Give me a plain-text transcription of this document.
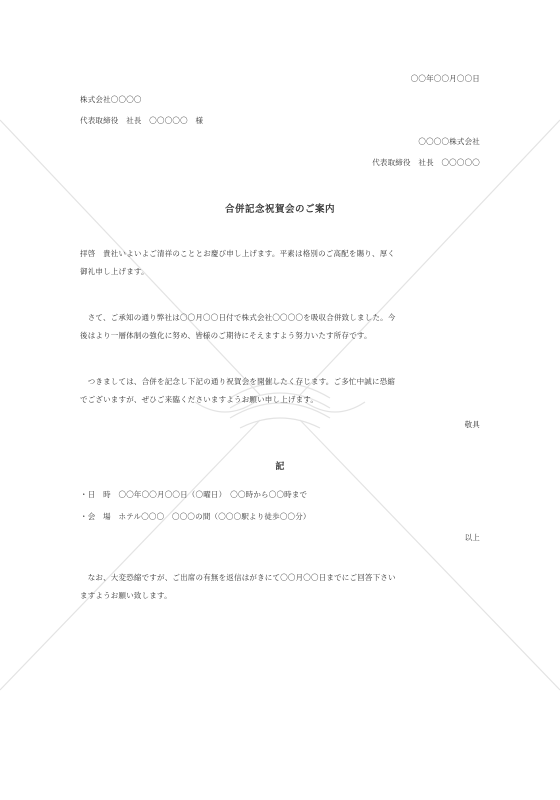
〇〇年〇〇月〇〇日
株式会社〇〇〇〇
代表取締役　社長　〇〇〇〇〇　様
〇〇〇〇株式会社
代表取締役　社長　〇〇〇〇〇
合併記念祝賀会のご案内
拝啓　貴社いよいよご清祥のこととお慶び申し上げます。平素は格別のご高配を賜り、厚く
御礼申し上げます。
　さて、ご承知の通り弊社は〇〇月〇〇日付で株式会社〇〇〇〇を吸収合併致しました。今
後はより一層体制の強化に努め、皆様のご期待にそえますよう努力いたす所存です。
　つきましては、合併を記念し下記の通り祝賀会を開催したく存じます。ご多忙中誠に恐縮
でございますが、ぜひご来臨くださいますようお願い申し上げます。
敬具
記
・日　時　〇〇年〇〇月〇〇日（〇曜日）　〇〇時から〇〇時まで
・会　場　ホテル〇〇〇　〇〇〇の間（〇〇〇駅より徒歩〇〇分）
以上
　なお、大変恐縮ですが、ご出席の有無を返信はがきにて〇〇月〇〇日までにご回答下さい
ますようお願い致します。
